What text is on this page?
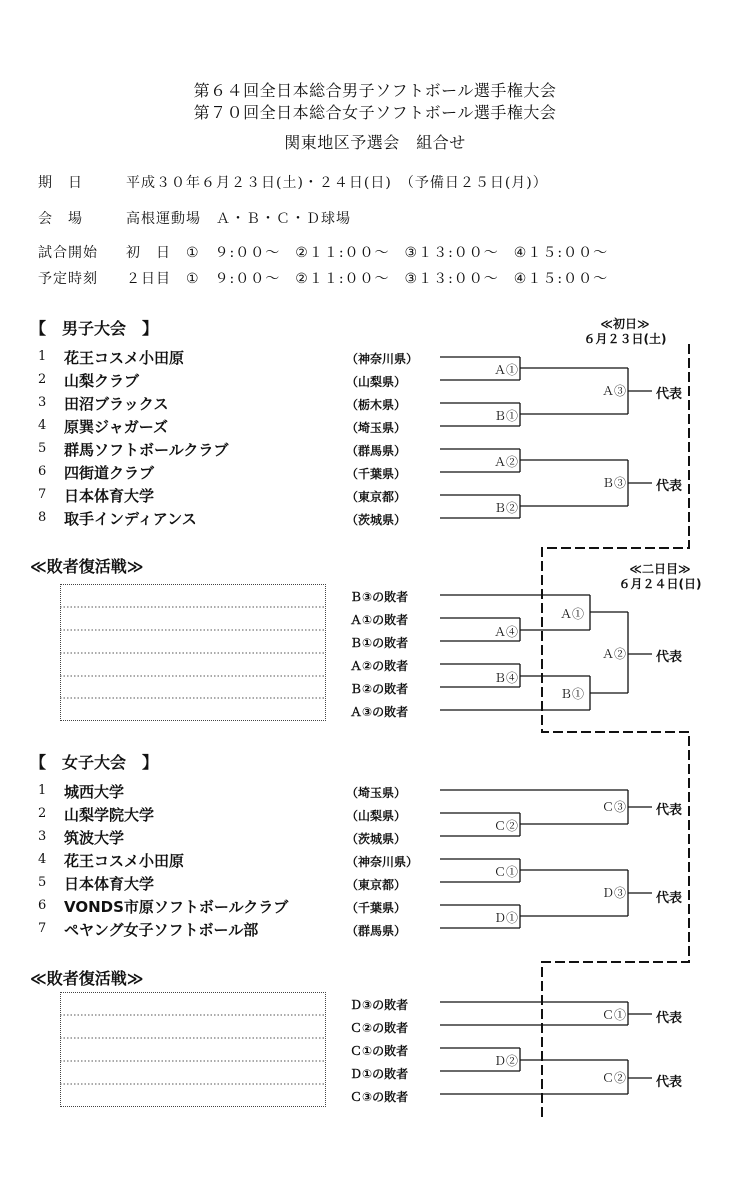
第６４回全日本総合男子ソフトボール選手権大会
第７０回全日本総合女子ソフトボール選手権大会
関東地区予選会　組合せ
期　日	平成３０年６月２３日(土)・２４日(日)　（予備日２５日(月)）
会　場	高根運動場　Ａ・Ｂ・Ｃ・Ｄ球場
試合開始 初　日 ①　９:００～　②１１:００～　③１３:００～　④１５:００～
予定時刻 ２日目 ①　９:００～　②１１:００～　③１３:００～　④１５:００～
【　男子大会　】	≪初日≫
６月２３日(土)
1 花王コスメ小田原	（神奈川県）
2 山梨クラブ	（山梨県）
3 田沼ブラックス	（栃木県）
4 原巽ジャガーズ	（埼玉県）
5 群馬ソフトボールクラブ	（群馬県）
6 四街道クラブ	（千葉県）
7 日本体育大学	（東京都）
8 取手インディアンス	（茨城県）
代表
代表
≪敗者復活戦≫	≪二日目≫
６月２４日(日)
Ｂ③の敗者
Ａ①の敗者
Ｂ①の敗者
Ａ②の敗者
Ｂ②の敗者
Ａ③の敗者
代表
【　女子大会　】
1 城西大学	（埼玉県）
2 山梨学院大学	（山梨県）
3 筑波大学	（茨城県）
4 花王コスメ小田原	（神奈川県）
5 日本体育大学	（東京都）
6 VONDS市原ソフトボールクラブ	（千葉県）
7 ペヤング女子ソフトボール部	（群馬県）
代表
代表
≪敗者復活戦≫
Ｄ③の敗者
Ｃ②の敗者
Ｃ①の敗者
Ｄ①の敗者
Ｃ③の敗者
代表
代表
Ａ①
Ｂ①
Ａ③
Ａ②
Ｂ②
Ｂ③
Ａ④
Ｂ④
Ａ①
Ｂ①
Ａ②
Ｃ③
Ｃ②
Ｃ①
Ｄ①
Ｄ③
Ｃ①
Ｄ②
Ｃ②
